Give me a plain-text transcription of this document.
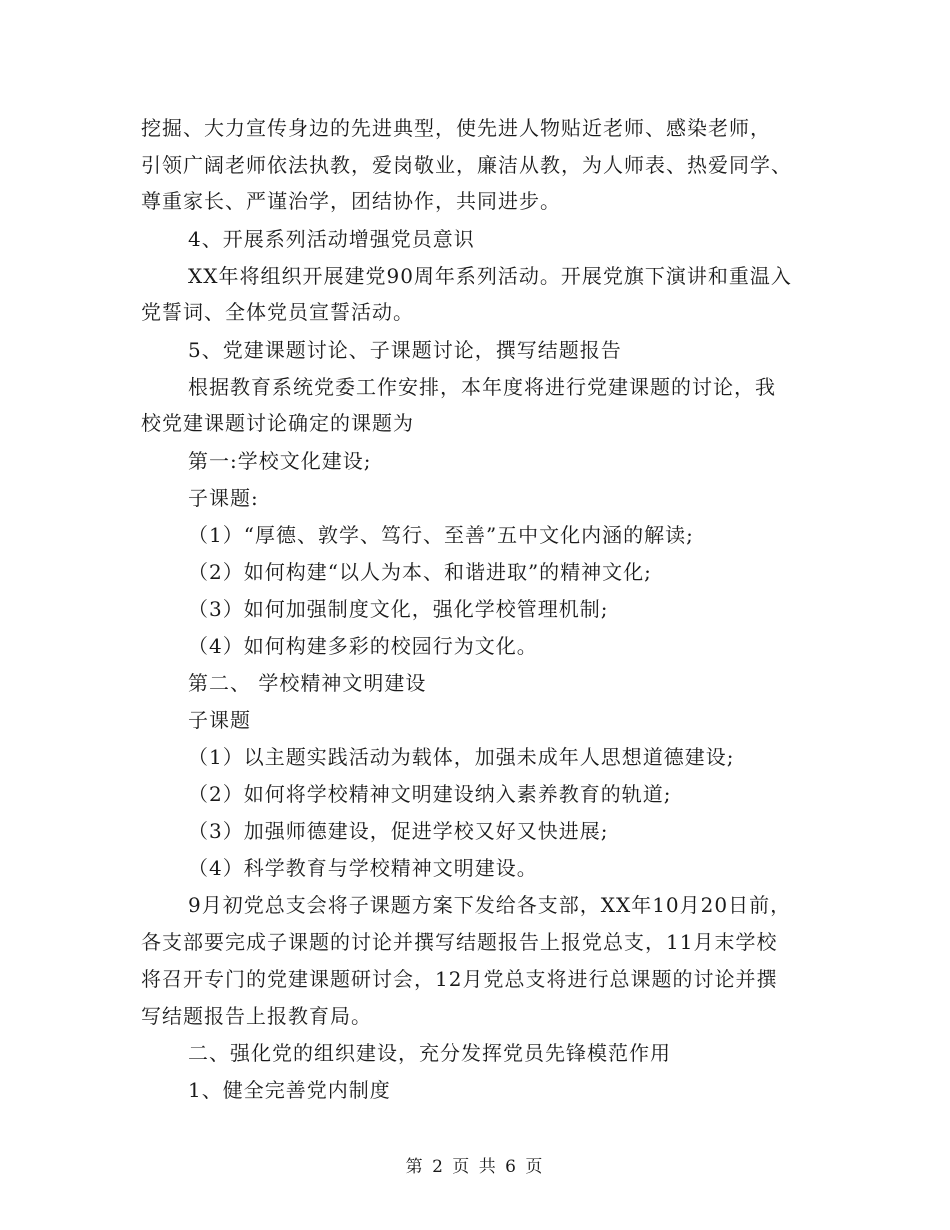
挖掘、大力宣传身边的先进典型，使先进人物贴近老师、感染老师，
引领广阔老师依法执教，爱岗敬业，廉洁从教，为人师表、热爱同学、
尊重家长、严谨治学，团结协作，共同进步。
4、开展系列活动增强党员意识
XX年将组织开展建党90周年系列活动。开展党旗下演讲和重温入
党誓词、全体党员宣誓活动。
5、党建课题讨论、子课题讨论，撰写结题报告
根据教育系统党委工作安排，本年度将进行党建课题的讨论，我
校党建课题讨论确定的课题为
第一:学校文化建设;
子课题:
（1）“厚德、敦学、笃行、至善”五中文化内涵的解读;
（2）如何构建“以人为本、和谐进取”的精神文化;
（3）如何加强制度文化，强化学校管理机制;
（4）如何构建多彩的校园行为文化。
第二、 学校精神文明建设
子课题
（1）以主题实践活动为载体，加强未成年人思想道德建设;
（2）如何将学校精神文明建设纳入素养教育的轨道;
（3）加强师德建设，促进学校又好又快进展;
（4）科学教育与学校精神文明建设。
9月初党总支会将子课题方案下发给各支部，XX年10月20日前，
各支部要完成子课题的讨论并撰写结题报告上报党总支，11月末学校
将召开专门的党建课题研讨会，12月党总支将进行总课题的讨论并撰
写结题报告上报教育局。
二、强化党的组织建设，充分发挥党员先锋模范作用
1、健全完善党内制度
第 2 页 共 6 页
